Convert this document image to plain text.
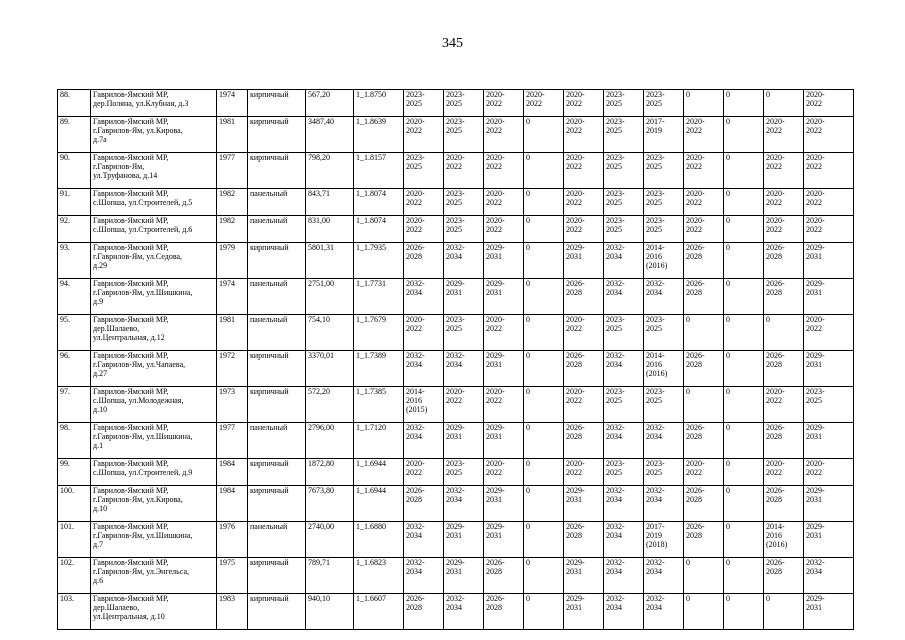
345
88.	Гаврилов-Ямский МР,
дер.Поляна, ул.Клубная, д.3	1974	кирпичный	567,20	1_1.8750	2023-
2025	2023-
2025	2020-
2022	2020-
2022	2020-
2022	2023-
2025	2023-
2025	0	0	0	2020-
2022
89.	Гаврилов-Ямский МР,
г.Гаврилов-Ям, ул.Кирова,
д.7а	1981	кирпичный	3487,40	1_1.8639	2020-
2022	2023-
2025	2020-
2022	0	2020-
2022	2023-
2025	2017-
2019	2020-
2022	0	2020-
2022	2020-
2022
90.	Гаврилов-Ямский МР,
г.Гаврилов-Ям,
ул.Труфанова, д.14	1977	кирпичный	798,20	1_1.8157	2023-
2025	2020-
2022	2020-
2022	0	2020-
2022	2023-
2025	2023-
2025	2020-
2022	0	2020-
2022	2020-
2022
91.	Гаврилов-Ямский МР,
с.Шопша, ул.Строителей, д.5	1982	панельный	843,71	1_1.8074	2020-
2022	2023-
2025	2020-
2022	0	2020-
2022	2023-
2025	2023-
2025	2020-
2022	0	2020-
2022	2020-
2022
92.	Гаврилов-Ямский МР,
с.Шопша, ул.Строителей, д.6	1982	панельный	831,00	1_1.8074	2020-
2022	2023-
2025	2020-
2022	0	2020-
2022	2023-
2025	2023-
2025	2020-
2022	0	2020-
2022	2020-
2022
93.	Гаврилов-Ямский МР,
г.Гаврилов-Ям, ул.Седова,
д.29	1979	кирпичный	5801,31	1_1.7935	2026-
2028	2032-
2034	2029-
2031	0	2029-
2031	2032-
2034	2014-
2016
(2016)	2026-
2028	0	2026-
2028	2029-
2031
94.	Гаврилов-Ямский МР,
г.Гаврилов-Ям, ул.Шишкина,
д.9	1974	панельный	2751,00	1_1.7731	2032-
2034	2029-
2031	2029-
2031	0	2026-
2028	2032-
2034	2032-
2034	2026-
2028	0	2026-
2028	2029-
2031
95.	Гаврилов-Ямский МР,
дер.Шалаево,
ул.Центральная, д.12	1981	панельный	754,10	1_1.7679	2020-
2022	2023-
2025	2020-
2022	0	2020-
2022	2023-
2025	2023-
2025	0	0	0	2020-
2022
96.	Гаврилов-Ямский МР,
г.Гаврилов-Ям, ул.Чапаева,
д.27	1972	кирпичный	3370,01	1_1.7389	2032-
2034	2032-
2034	2029-
2031	0	2026-
2028	2032-
2034	2014-
2016
(2016)	2026-
2028	0	2026-
2028	2029-
2031
97.	Гаврилов-Ямский МР,
с.Шопша, ул.Молодежная,
д.10	1973	кирпичный	572,20	1_1.7385	2014-
2016
(2015)	2020-
2022	2020-
2022	0	2020-
2022	2023-
2025	2023-
2025	0	0	2020-
2022	2023-
2025
98.	Гаврилов-Ямский МР,
г.Гаврилов-Ям, ул.Шишкина,
д.1	1977	панельный	2796,00	1_1.7120	2032-
2034	2029-
2031	2029-
2031	0	2026-
2028	2032-
2034	2032-
2034	2026-
2028	0	2026-
2028	2029-
2031
99.	Гаврилов-Ямский МР,
с.Шопша, ул.Строителей, д.9	1984	кирпичный	1872,80	1_1.6944	2020-
2022	2023-
2025	2020-
2022	0	2020-
2022	2023-
2025	2023-
2025	2020-
2022	0	2020-
2022	2020-
2022
100.	Гаврилов-Ямский МР,
г.Гаврилов-Ям, ул.Кирова,
д.10	1984	кирпичный	7673,80	1_1.6944	2026-
2028	2032-
2034	2029-
2031	0	2029-
2031	2032-
2034	2032-
2034	2026-
2028	0	2026-
2028	2029-
2031
101.	Гаврилов-Ямский МР,
г.Гаврилов-Ям, ул.Шишкина,
д.7	1976	панельный	2740,00	1_1.6880	2032-
2034	2029-
2031	2029-
2031	0	2026-
2028	2032-
2034	2017-
2019
(2018)	2026-
2028	0	2014-
2016
(2016)	2029-
2031
102.	Гаврилов-Ямский МР,
г.Гаврилов-Ям, ул.Энгельса,
д.6	1975	кирпичный	789,71	1_1.6823	2032-
2034	2029-
2031	2026-
2028	0	2029-
2031	2032-
2034	2032-
2034	0	0	2026-
2028	2032-
2034
103.	Гаврилов-Ямский МР,
дер.Шалаево,
ул.Центральная, д.10	1983	кирпичный	940,10	1_1.6607	2026-
2028	2032-
2034	2026-
2028	0	2029-
2031	2032-
2034	2032-
2034	0	0	0	2029-
2031
